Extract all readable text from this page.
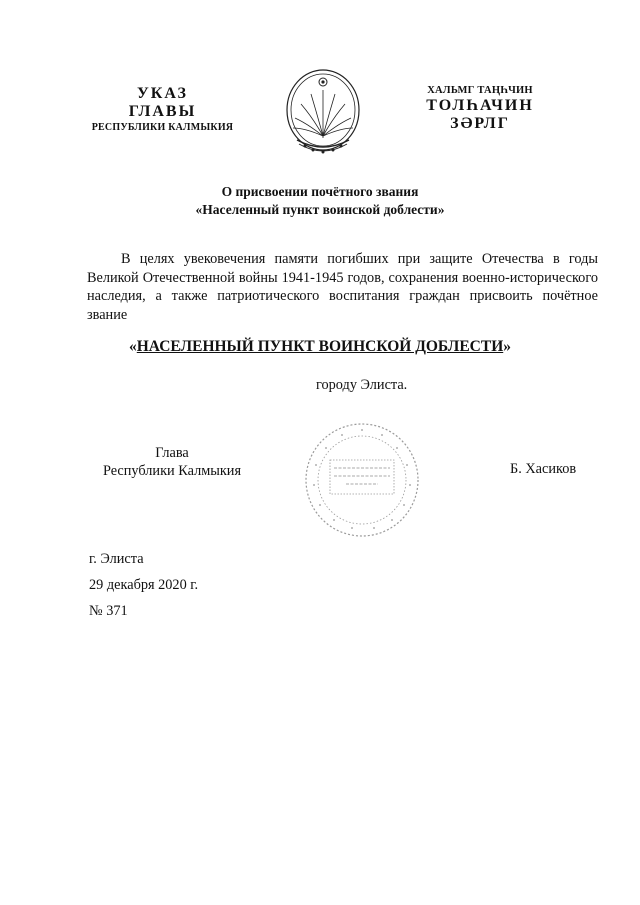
УКАЗ
ГЛАВЫ
РЕСПУБЛИКИ КАЛМЫКИЯ
ХАЛЬМГ ТАҢҺЧИН
ТОЛҺАЧИН
ЗӘРЛГ
О присвоении почётного звания
«Населенный пункт воинской доблести»
В целях увековечения памяти погибших при защите Отечества в годы Великой Отечественной войны 1941-1945 годов, сохранения военно-исторического наследия, а также патриотического воспитания граждан присвоить почётное звание
«НАСЕЛЕННЫЙ ПУНКТ ВОИНСКОЙ ДОБЛЕСТИ»
городу Элиста.
Глава
Республики Калмыкия	Б. Хасиков
г. Элиста
29 декабря 2020 г.
№ 371
